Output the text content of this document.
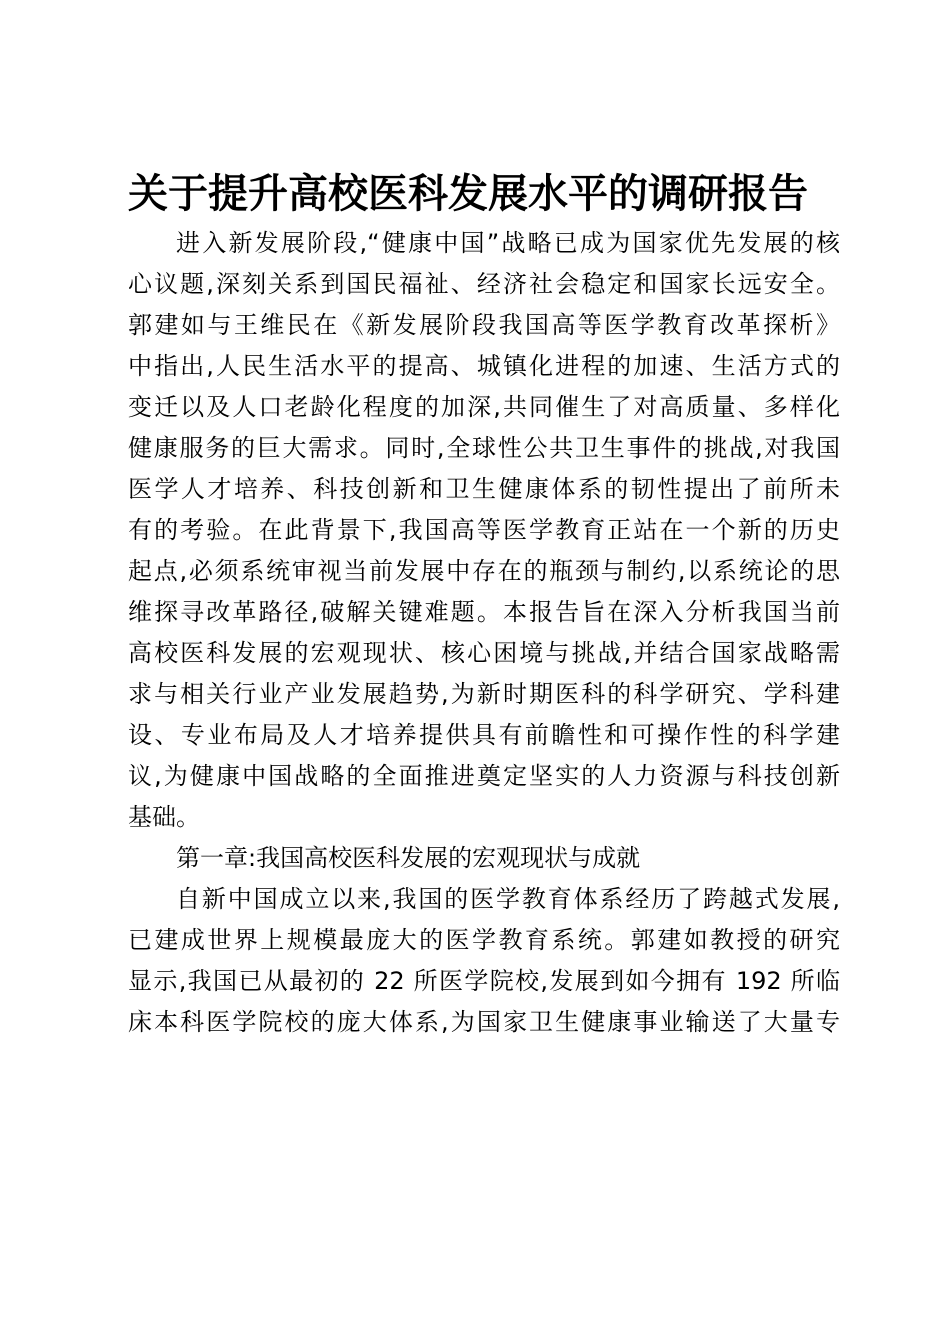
关于提升高校医科发展水平的调研报告
进入新发展阶段,“健康中国”战略已成为国家优先发展的核
心议题,深刻关系到国民福祉、经济社会稳定和国家长远安全。
郭建如与王维民在《新发展阶段我国高等医学教育改革探析》
中指出,人民生活水平的提高、城镇化进程的加速、生活方式的
变迁以及人口老龄化程度的加深,共同催生了对高质量、多样化
健康服务的巨大需求。同时,全球性公共卫生事件的挑战,对我国
医学人才培养、科技创新和卫生健康体系的韧性提出了前所未
有的考验。在此背景下,我国高等医学教育正站在一个新的历史
起点,必须系统审视当前发展中存在的瓶颈与制约,以系统论的思
维探寻改革路径,破解关键难题。本报告旨在深入分析我国当前
高校医科发展的宏观现状、核心困境与挑战,并结合国家战略需
求与相关行业产业发展趋势,为新时期医科的科学研究、学科建
设、专业布局及人才培养提供具有前瞻性和可操作性的科学建
议,为健康中国战略的全面推进奠定坚实的人力资源与科技创新
基础。
第一章:我国高校医科发展的宏观现状与成就
自新中国成立以来,我国的医学教育体系经历了跨越式发展,
已建成世界上规模最庞大的医学教育系统。郭建如教授的研究
显示,我国已从最初的 22 所医学院校,发展到如今拥有 192 所临
床本科医学院校的庞大体系,为国家卫生健康事业输送了大量专
